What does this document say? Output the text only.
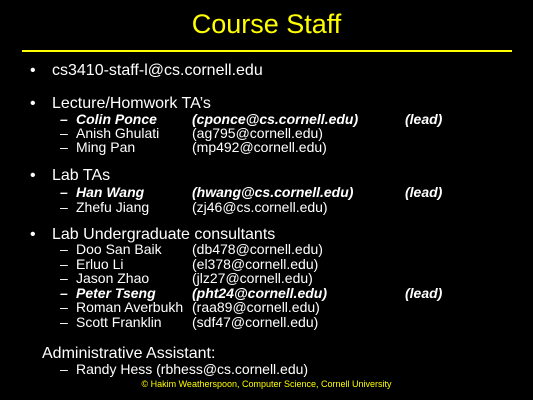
Course Staff
• cs3410-staff-l@cs.cornell.edu
• Lecture/Homwork TA’s
– Colin Ponce	(cponce@cs.cornell.edu)	(lead)
– Anish Ghulati (ag795@cornell.edu)
– Ming Pan	(mp492@cornell.edu)
• Lab TAs
– Han Wang	(hwang@cs.cornell.edu)	(lead)
– Zhefu Jiang	(zj46@cs.cornell.edu)
• Lab Undergraduate consultants
– Doo San Baik (db478@cornell.edu)
– Erluo Li	(el378@cornell.edu)
– Jason Zhao	(jlz27@cornell.edu)
– Peter Tseng	(pht24@cornell.edu)	(lead)
– Roman Averbukh (raa89@cornell.edu)
– Scott Franklin (sdf47@cornell.edu)
Administrative Assistant:
– Randy Hess (rbhess@cs.cornell.edu)
© Hakim Weatherspoon, Computer Science, Cornell University
